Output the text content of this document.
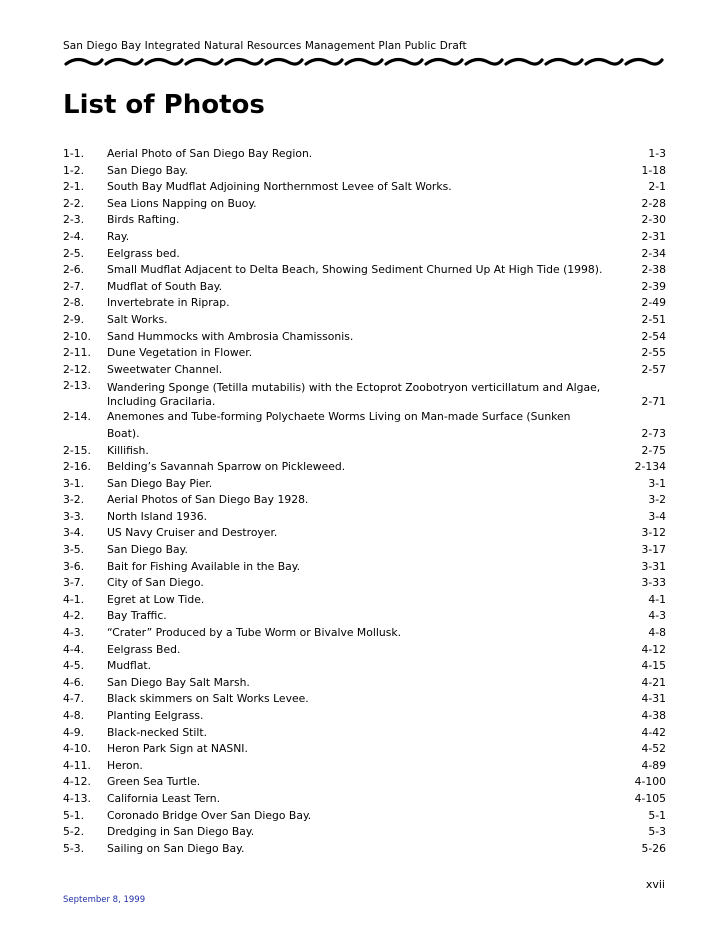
San Diego Bay Integrated Natural Resources Management Plan Public Draft
List of Photos
1-1.	Aerial Photo of San Diego Bay Region.	1-3
1-2.	San Diego Bay.	1-18
2-1.	South Bay Mudflat Adjoining Northernmost Levee of Salt Works.	2-1
2-2.	Sea Lions Napping on Buoy.	2-28
2-3.	Birds Rafting.	2-30
2-4.	Ray.	2-31
2-5.	Eelgrass bed.	2-34
2-6.	Small Mudflat Adjacent to Delta Beach, Showing Sediment Churned Up At High Tide (1998).	2-38
2-7.	Mudflat of South Bay.	2-39
2-8.	Invertebrate in Riprap.	2-49
2-9.	Salt Works.	2-51
2-10.	Sand Hummocks with Ambrosia Chamissonis.	2-54
2-11.	Dune Vegetation in Flower.	2-55
2-12.	Sweetwater Channel.	2-57
2-13.	Wandering Sponge (Tetilla mutabilis) with the Ectoprot Zoobotryon verticillatum and Algae, Including Gracilaria.	2-71
2-14.	Anemones and Tube-forming Polychaete Worms Living on Man-made Surface (Sunken Boat).	2-73
2-15.	Killifish.	2-75
2-16.	Belding’s Savannah Sparrow on Pickleweed.	2-134
3-1.	San Diego Bay Pier.	3-1
3-2.	Aerial Photos of San Diego Bay 1928.	3-2
3-3.	North Island 1936.	3-4
3-4.	US Navy Cruiser and Destroyer.	3-12
3-5.	San Diego Bay.	3-17
3-6.	Bait for Fishing Available in the Bay.	3-31
3-7.	City of San Diego.	3-33
4-1.	Egret at Low Tide.	4-1
4-2.	Bay Traffic.	4-3
4-3.	“Crater” Produced by a Tube Worm or Bivalve Mollusk.	4-8
4-4.	Eelgrass Bed.	4-12
4-5.	Mudflat.	4-15
4-6.	San Diego Bay Salt Marsh.	4-21
4-7.	Black skimmers on Salt Works Levee.	4-31
4-8.	Planting Eelgrass.	4-38
4-9.	Black-necked Stilt.	4-42
4-10.	Heron Park Sign at NASNI.	4-52
4-11.	Heron.	4-89
4-12.	Green Sea Turtle.	4-100
4-13.	California Least Tern.	4-105
5-1.	Coronado Bridge Over San Diego Bay.	5-1
5-2.	Dredging in San Diego Bay.	5-3
5-3.	Sailing on San Diego Bay.	5-26
xvii
September 8, 1999
